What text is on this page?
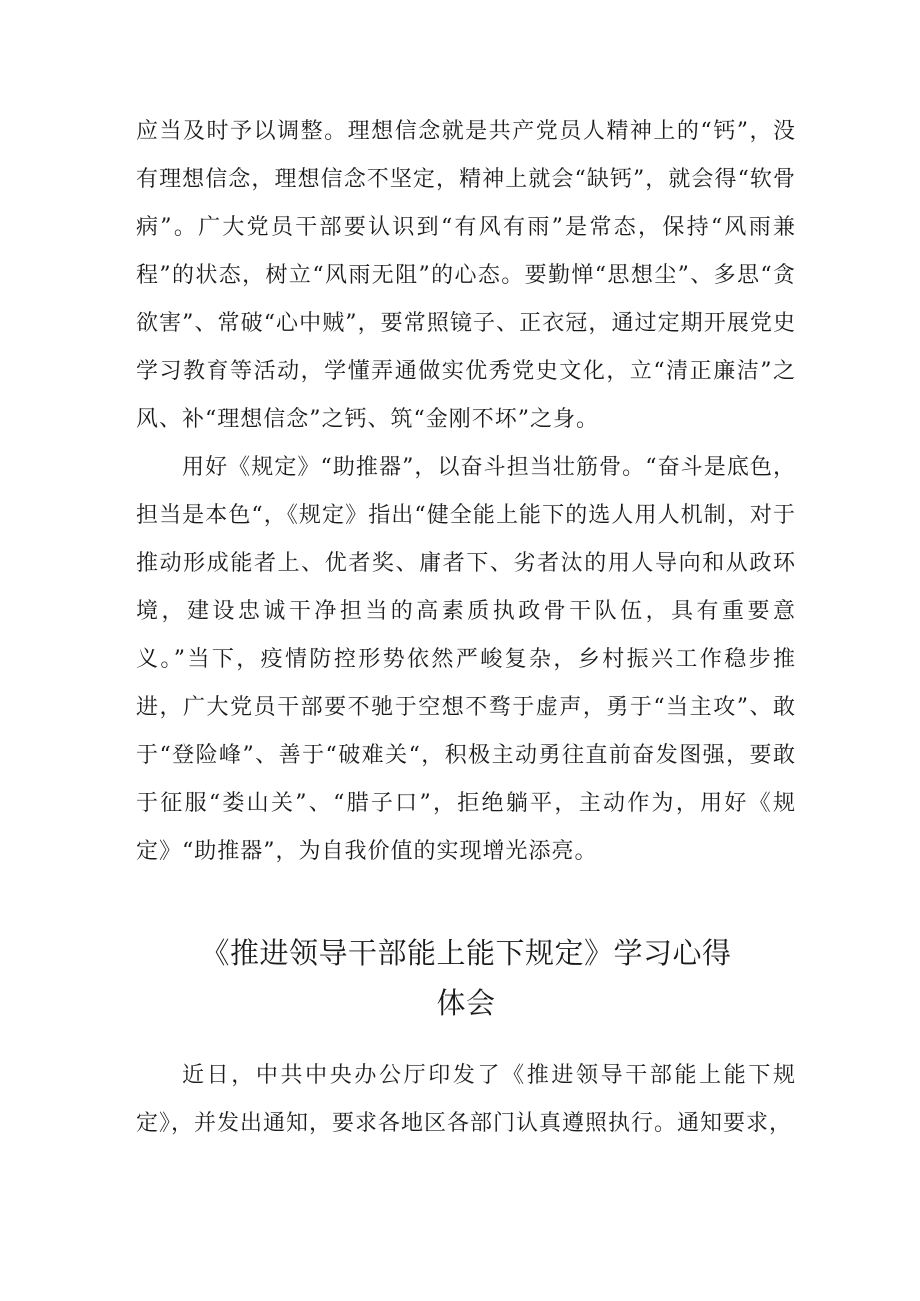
应当及时予以调整。理想信念就是共产党员人精神上的“钙”，没有理想信念，理想信念不坚定，精神上就会“缺钙”，就会得“软骨病”。广大党员干部要认识到“有风有雨”是常态，保持“风雨兼程”的状态，树立“风雨无阻”的心态。要勤惮“思想尘”、多思“贪欲害”、常破“心中贼”，要常照镜子、正衣冠，通过定期开展党史学习教育等活动，学懂弄通做实优秀党史文化，立“清正廉洁”之风、补“理想信念”之钙、筑“金刚不坏”之身。

用好《规定》“助推器”，以奋斗担当壮筋骨。“奋斗是底色，担当是本色“，《规定》指出“健全能上能下的选人用人机制，对于推动形成能者上、优者奖、庸者下、劣者汰的用人导向和从政环境，建设忠诚干净担当的高素质执政骨干队伍，具有重要意义。”当下，疫情防控形势依然严峻复杂，乡村振兴工作稳步推进，广大党员干部要不驰于空想不骛于虚声，勇于“当主攻”、敢于“登险峰”、善于“破难关“，积极主动勇往直前奋发图强，要敢于征服“娄山关”、“腊子口”，拒绝躺平，主动作为，用好《规定》“助推器”，为自我价值的实现增光添亮。

《推进领导干部能上能下规定》学习心得
体会

近日，中共中央办公厅印发了《推进领导干部能上能下规定》，并发出通知，要求各地区各部门认真遵照执行。通知要求，
